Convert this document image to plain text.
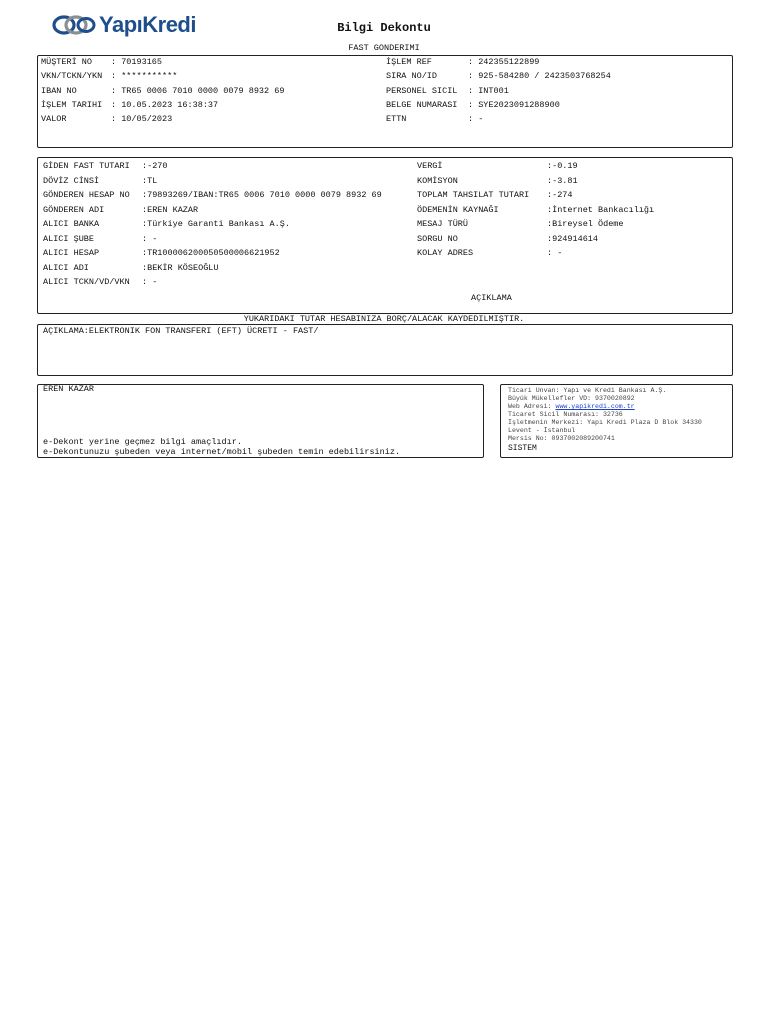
YapıKredi	Bilgi Dekontu
FAST GONDERIMI
MÜŞTERİ NO : 70193165
VKN/TCKN/YKN : ***********
IBAN NO	: TR65 0006 7010 0000 0079 8932 69
İŞLEM TARIHI : 10.05.2023 16:38:37
VALOR	: 10/05/2023
İŞLEM REF	: 242355122899
SIRA NO/ID	: 925-584280 / 2423503768254
PERSONEL SICIL : INT001
BELGE NUMARASI : SYE2023091288900
ETTN	: -
GİDEN FAST TUTARI :-270
DÖVİZ CİNSİ	:TL
GÖNDEREN HESAP NO :79893269/IBAN:TR65 0006 7010 0000 0079 8932 69
GÖNDEREN ADI	:EREN KAZAR
ALICI BANKA	:Türkiye Garanti Bankası A.Ş.
ALICI ŞUBE	: -
ALICI HESAP	:TR100006200050500006621952
ALICI ADI	:BEKİR KÖSEOĞLU
ALICI TCKN/VD/VKN : -
VERGİ	:-0.19
KOMİSYON	:-3.81
TOPLAM TAHSILAT TUTARI :-274
ÖDEMENİN KAYNAĞI	:İnternet Bankacılığı
MESAJ TÜRÜ	:Bireysel Ödeme
SORGU NO	:924914614
KOLAY ADRES	: -
AÇIKLAMA
YUKARIDAKI TUTAR HESABINIZA BORÇ/ALACAK KAYDEDILMIŞTIR.
AÇIKLAMA:ELEKTRONIK FON TRANSFERI (EFT) ÜCRETI - FAST/
EREN KAZAR
e-Dekont yerine geçmez bilgi amaçlıdır.
e-Dekontunuzu şubeden veya internet/mobil şubeden temin edebilirsiniz.
Ticari Unvan: Yapı ve Kredi Bankası A.Ş.
Büyük Mükellefler VD: 9370020892
Web Adresi: www.yapikredi.com.tr
Ticaret Sicil Numarası: 32736
İşletmenin Merkezi: Yapı Kredi Plaza D Blok 34330
Levent - İstanbul
Mersis No: 0937002089200741
SISTEM
